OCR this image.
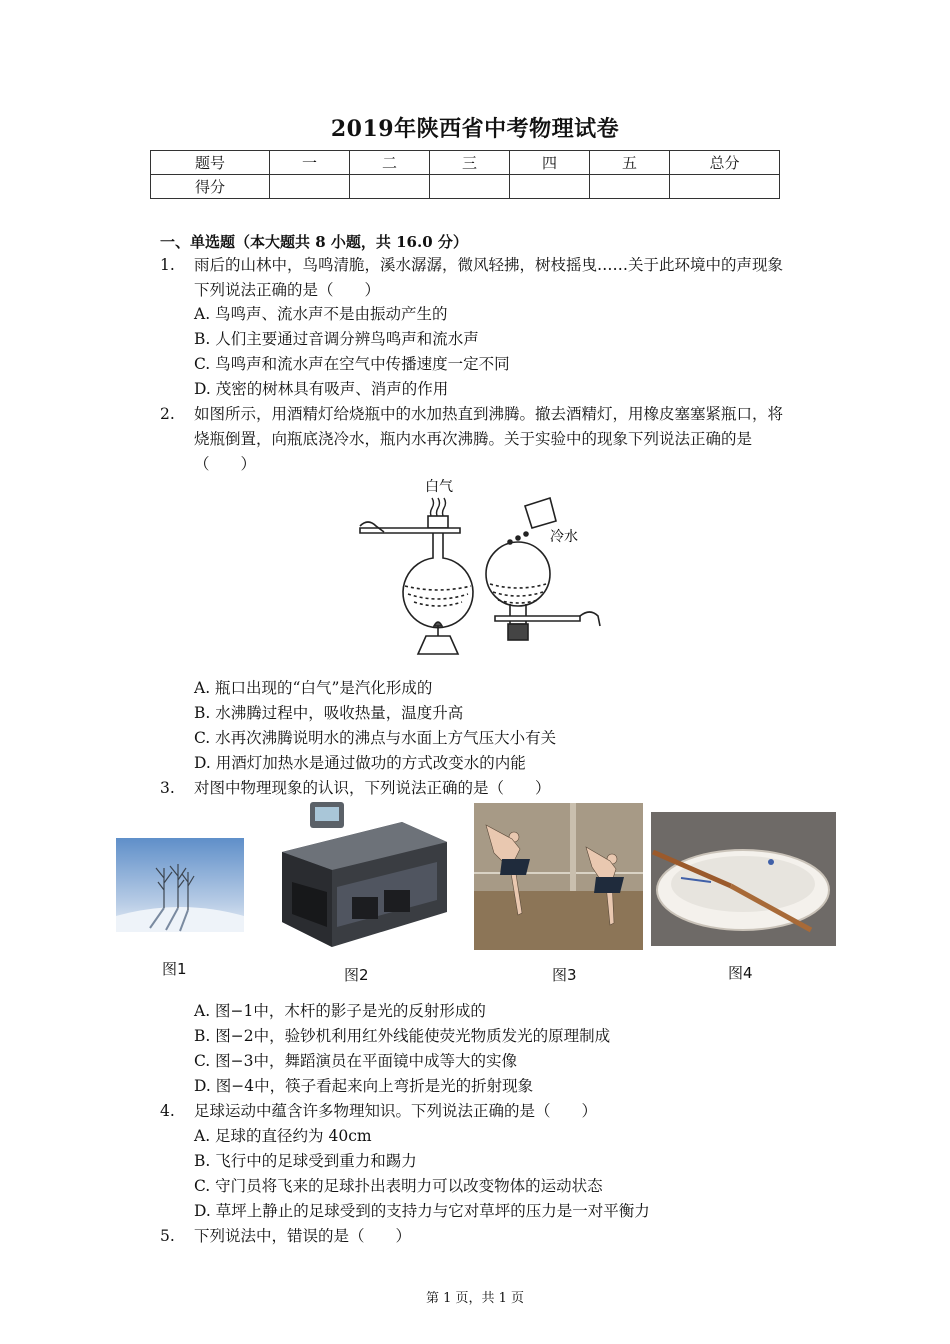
2019年陕西省中考物理试卷
题号	一	二	三	四	五	总分
得分						
一、单选题（本大题共 8 小题，共 16.0 分）
1.	雨后的山林中，鸟鸣清脆，溪水潺潺，微风轻拂，树枝摇曳……关于此环境中的声现象下列说法正确的是（　　）
A. 鸟鸣声、流水声不是由振动产生的
B. 人们主要通过音调分辨鸟鸣声和流水声
C. 鸟鸣声和流水声在空气中传播速度一定不同
D. 茂密的树林具有吸声、消声的作用
2.	如图所示，用酒精灯给烧瓶中的水加热直到沸腾。撤去酒精灯，用橡皮塞塞紧瓶口，将烧瓶倒置，向瓶底浇冷水，瓶内水再次沸腾。关于实验中的现象下列说法正确的是（　　）
白气
冷水
A. 瓶口出现的“白气”是汽化形成的
B. 水沸腾过程中，吸收热量，温度升高
C. 水再次沸腾说明水的沸点与水面上方气压大小有关
D. 用酒灯加热水是通过做功的方式改变水的内能
3.	对图中物理现象的认识，下列说法正确的是（　　）
图1	图2	图3	图4
A. 图−1中，木杆的影子是光的反射形成的
B. 图−2中，验钞机利用红外线能使荧光物质发光的原理制成
C. 图−3中，舞蹈演员在平面镜中成等大的实像
D. 图−4中，筷子看起来向上弯折是光的折射现象
4.	足球运动中蕴含许多物理知识。下列说法正确的是（　　）
A. 足球的直径约为 40cm
B. 飞行中的足球受到重力和踢力
C. 守门员将飞来的足球扑出表明力可以改变物体的运动状态
D. 草坪上静止的足球受到的支持力与它对草坪的压力是一对平衡力
5.	下列说法中，错误的是（　　）
第 1 页，共 1 页
